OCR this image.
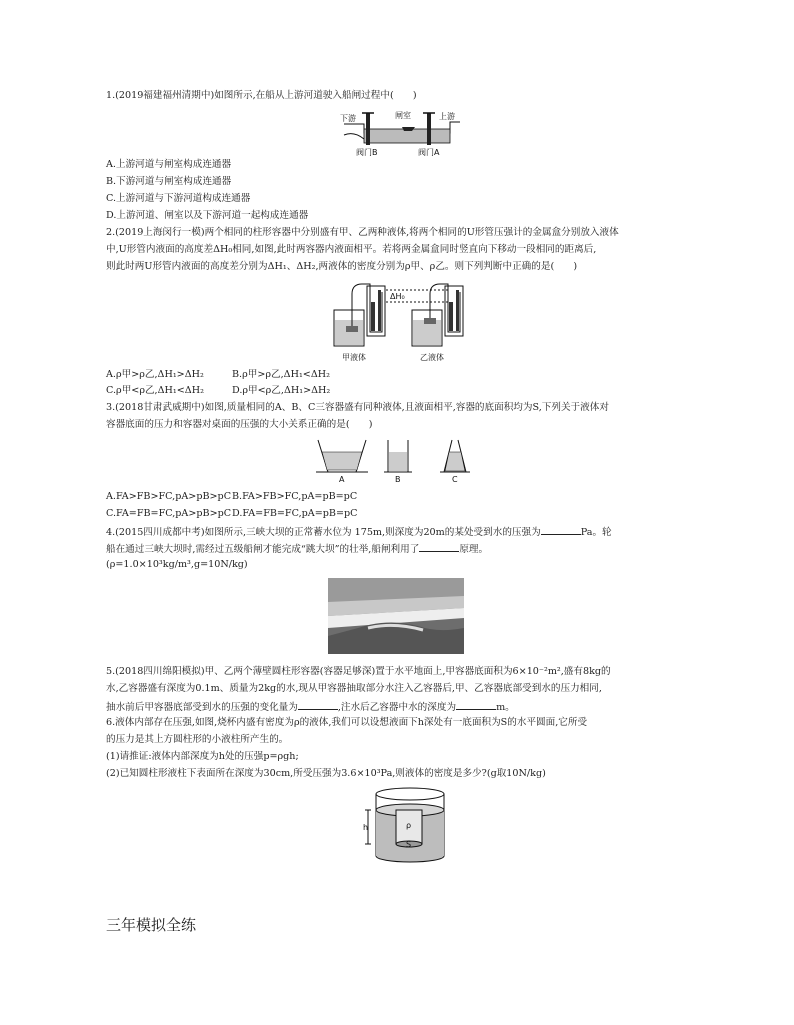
1.(2019福建福州清期中)如图所示,在船从上游河道驶入船闸过程中(　　)
下游	闸室	上游
阀门B	阀门A
A.上游河道与闸室构成连通器
B.下游河道与闸室构成连通器
C.上游河道与下游河道构成连通器
D.上游河道、闸室以及下游河道一起构成连通器
2.(2019上海闵行一模)两个相同的柱形容器中分别盛有甲、乙两种液体,将两个相同的U形管压强计的金属盒分别放入液体
中,U形管内液面的高度差ΔH₀相同,如图,此时两容器内液面相平。若将两金属盒同时竖直向下移动一段相同的距离后,
则此时两U形管内液面的高度差分别为ΔH₁、ΔH₂,两液体的密度分别为ρ甲、ρ乙。则下列判断中正确的是(　　)
ΔH₀
甲液体	乙液体
A.ρ甲>ρ乙,ΔH₁>ΔH₂	B.ρ甲>ρ乙,ΔH₁<ΔH₂
C.ρ甲<ρ乙,ΔH₁<ΔH₂	D.ρ甲<ρ乙,ΔH₁>ΔH₂
3.(2018甘肃武威期中)如图,质量相同的A、B、C三容器盛有同种液体,且液面相平,容器的底面积均为S,下列关于液体对
容器底面的压力和容器对桌面的压强的大小关系正确的是(　　)
A	B	C
A.FA>FB>FC,pA>pB>pC B.FA>FB>FC,pA=pB=pC
C.FA=FB=FC,pA>pB>pC D.FA=FB=FC,pA=pB=pC
4.(2015四川成都中考)如图所示,三峡大坝的正常蓄水位为 175m,则深度为20m的某处受到水的压强为	Pa。轮
船在通过三峡大坝时,需经过五级船闸才能完成“跳大坝”的壮举,船闸利用了	原理。
(ρ=1.0×10³kg/m³,g=10N/kg)
5.(2018四川绵阳模拟)甲、乙两个薄壁圆柱形容器(容器足够深)置于水平地面上,甲容器底面积为6×10⁻²m²,盛有8kg的
水,乙容器盛有深度为0.1m、质量为2kg的水,现从甲容器抽取部分水注入乙容器后,甲、乙容器底部受到水的压力相同,
抽水前后甲容器底部受到水的压强的变化量为	,注水后乙容器中水的深度为	m。
6.液体内部存在压强,如图,烧杯内盛有密度为ρ的液体,我们可以设想液面下h深处有一底面积为S的水平圆面,它所受
的压力是其上方圆柱形的小液柱所产生的。
(1)请推证:液体内部深度为h处的压强p=ρgh;
(2)已知圆柱形液柱下表面所在深度为30cm,所受压强为3.6×10³Pa,则液体的密度是多少?(g取10N/kg)
h	ρ
S
三年模拟全练
